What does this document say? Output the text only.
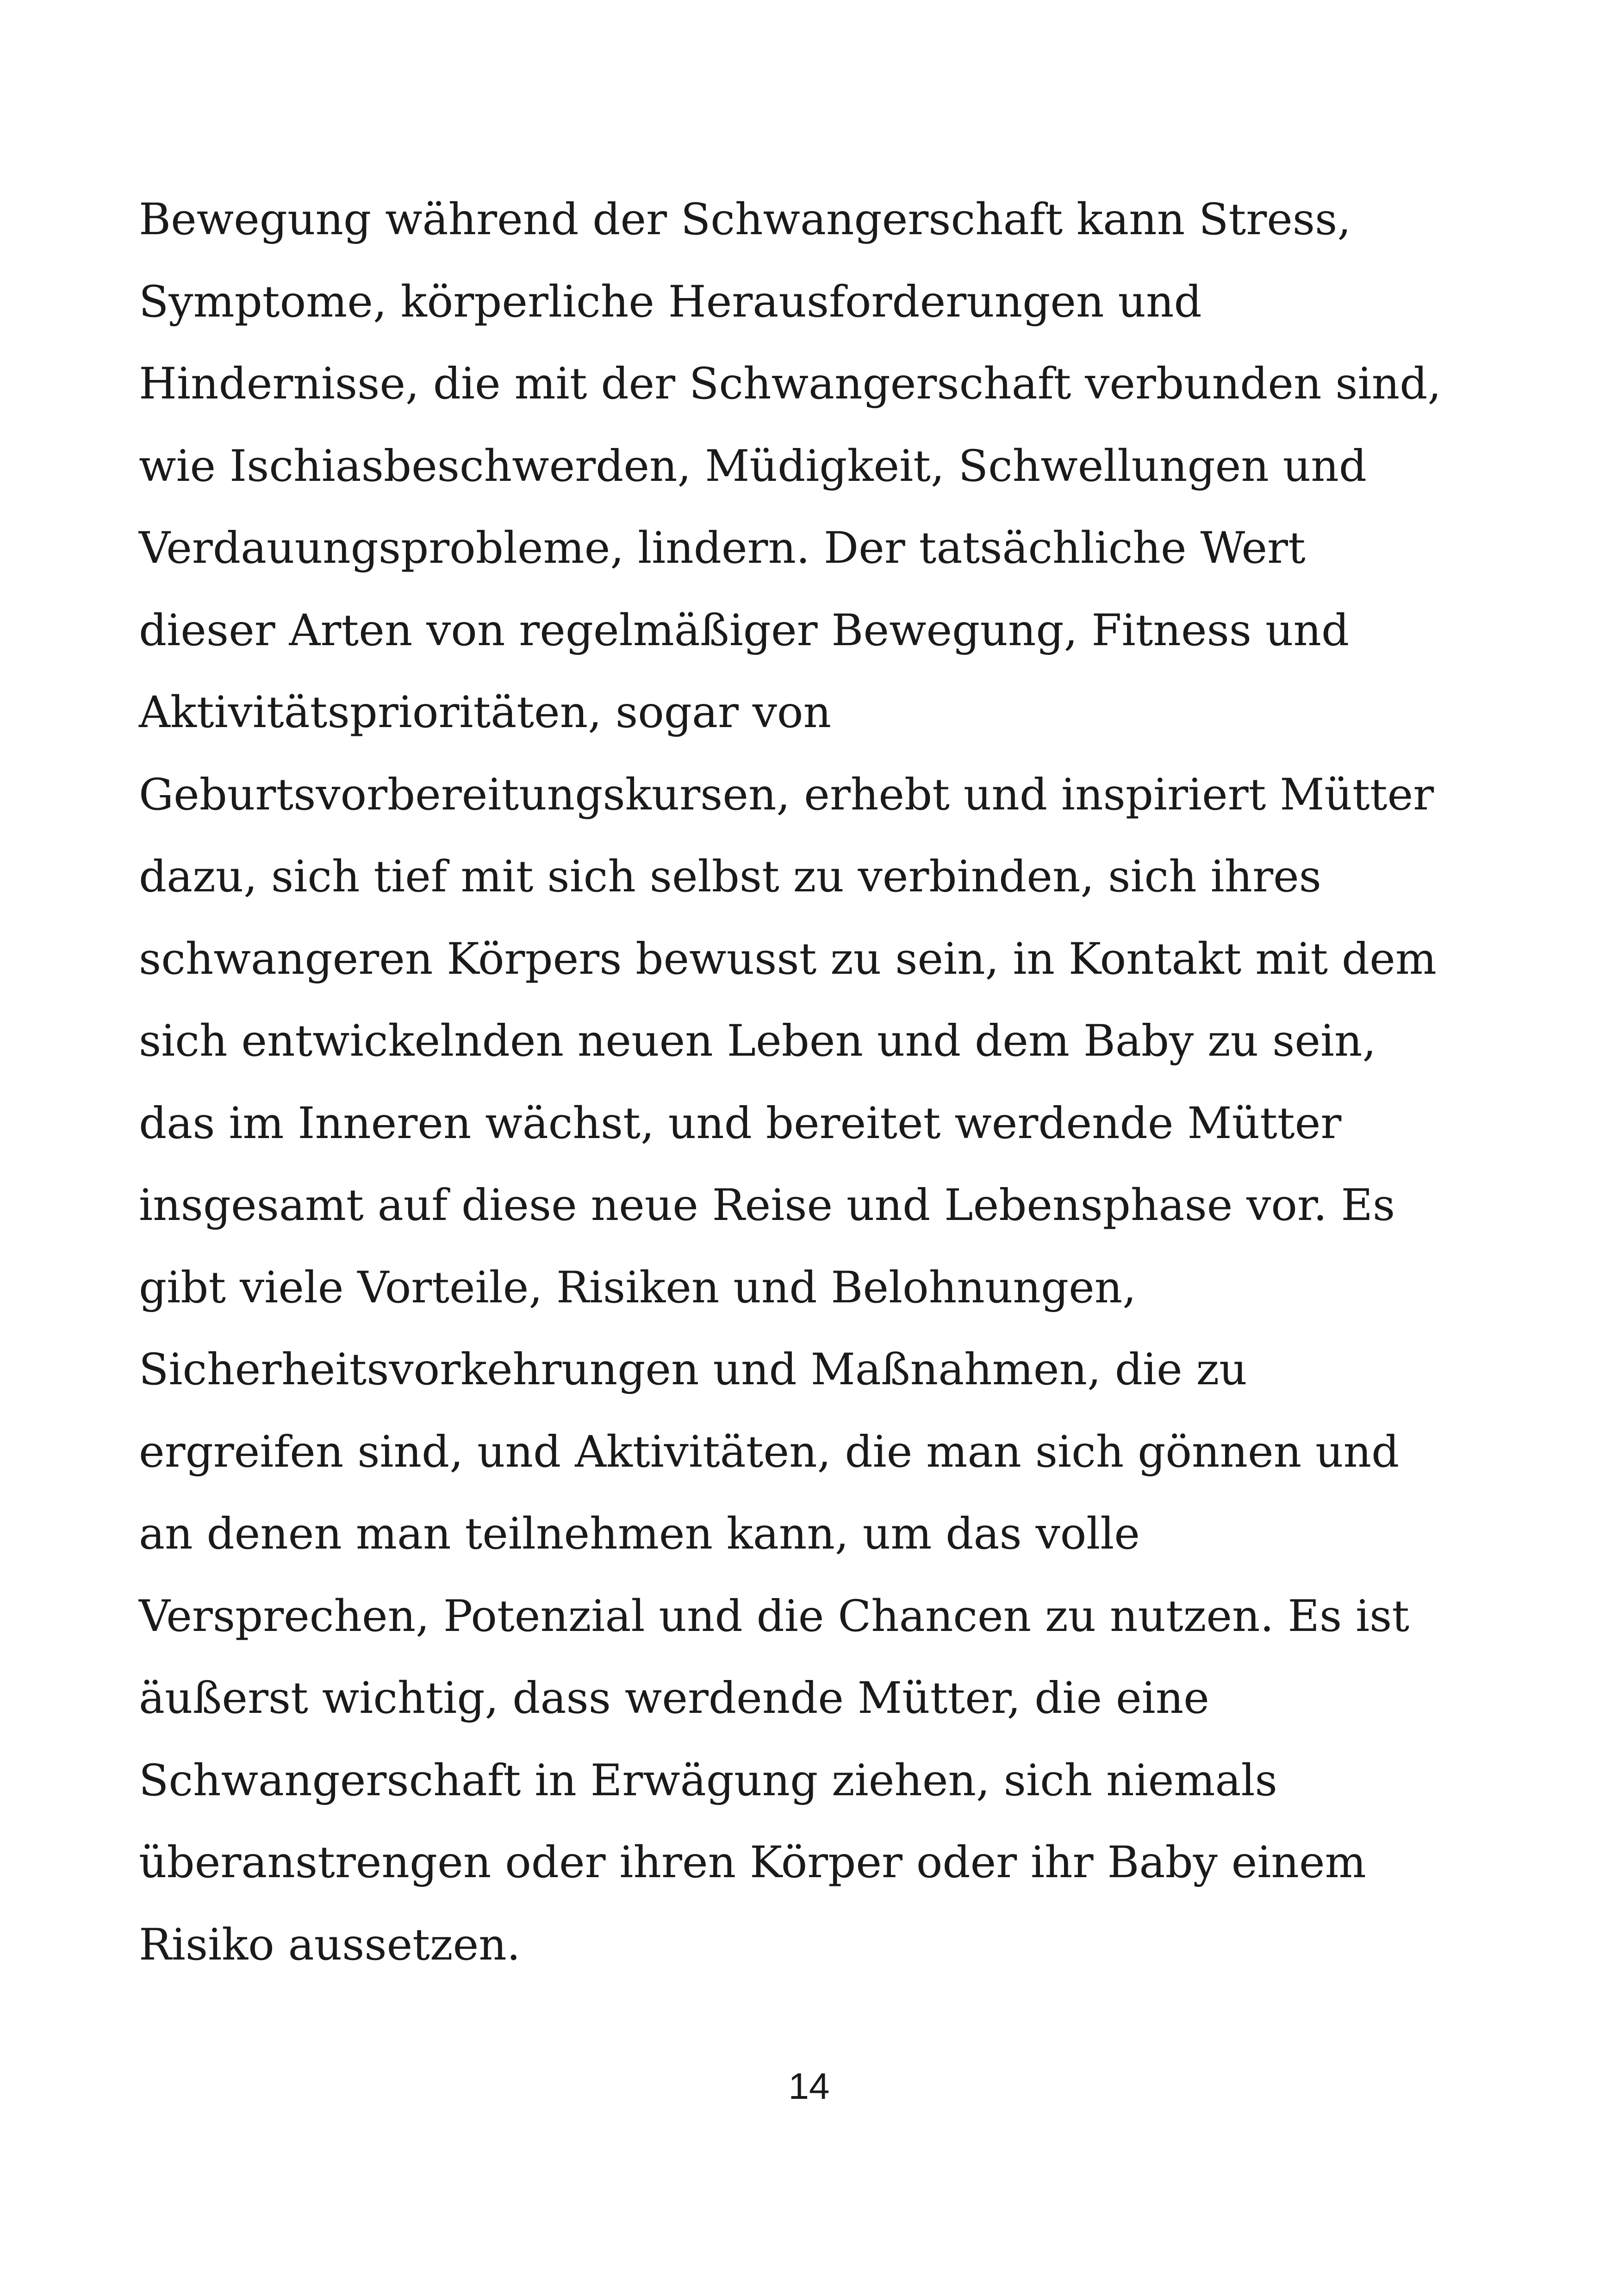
Bewegung während der Schwangerschaft kann Stress,
Symptome, körperliche Herausforderungen und
Hindernisse, die mit der Schwangerschaft verbunden sind,
wie Ischiasbeschwerden, Müdigkeit, Schwellungen und
Verdauungsprobleme, lindern. Der tatsächliche Wert
dieser Arten von regelmäßiger Bewegung, Fitness und
Aktivitätsprioritäten, sogar von
Geburtsvorbereitungskursen, erhebt und inspiriert Mütter
dazu, sich tief mit sich selbst zu verbinden, sich ihres
schwangeren Körpers bewusst zu sein, in Kontakt mit dem
sich entwickelnden neuen Leben und dem Baby zu sein,
das im Inneren wächst, und bereitet werdende Mütter
insgesamt auf diese neue Reise und Lebensphase vor. Es
gibt viele Vorteile, Risiken und Belohnungen,
Sicherheitsvorkehrungen und Maßnahmen, die zu
ergreifen sind, und Aktivitäten, die man sich gönnen und
an denen man teilnehmen kann, um das volle
Versprechen, Potenzial und die Chancen zu nutzen. Es ist
äußerst wichtig, dass werdende Mütter, die eine
Schwangerschaft in Erwägung ziehen, sich niemals
überanstrengen oder ihren Körper oder ihr Baby einem
Risiko aussetzen.

14
